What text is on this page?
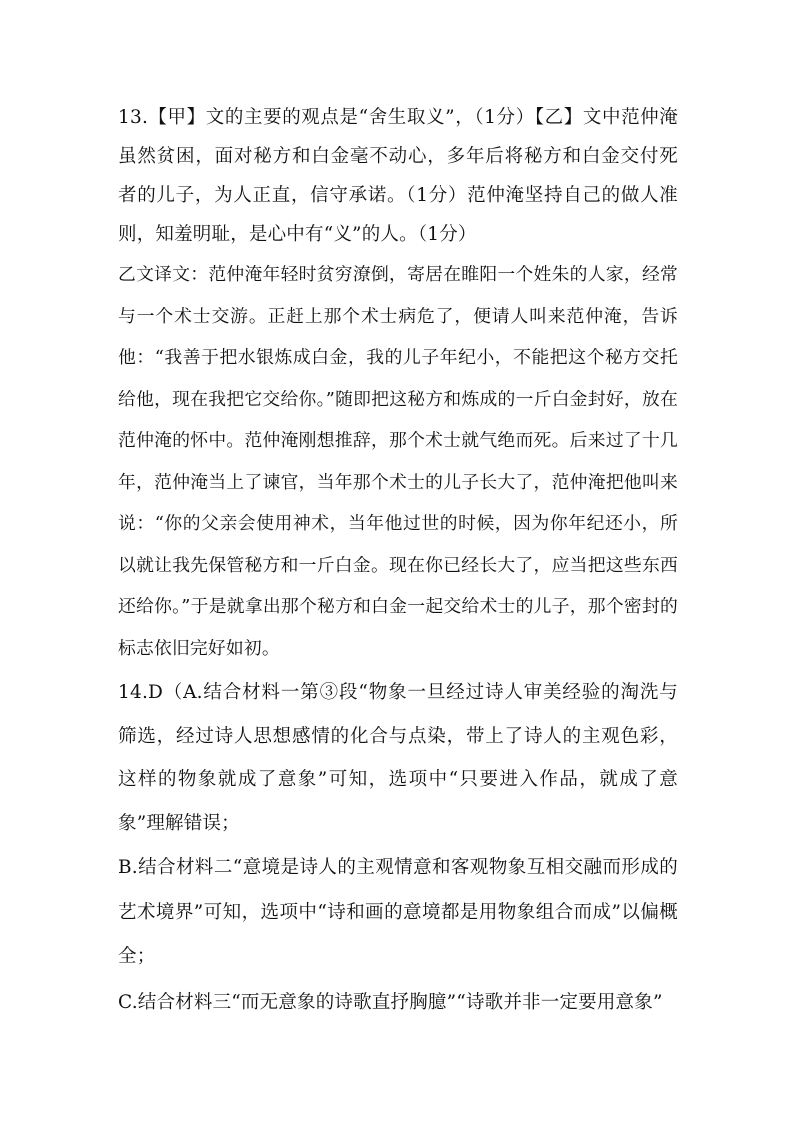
13.【甲】文的主要的观点是“舍生取义”，（1分）【乙】文中范仲淹虽然贫困，面对秘方和白金毫不动心，多年后将秘方和白金交付死者的儿子，为人正直，信守承诺。（1分）范仲淹坚持自己的做人准则，知羞明耻，是心中有“义”的人。（1分）

乙文译文：范仲淹年轻时贫穷潦倒，寄居在睢阳一个姓朱的人家，经常与一个术士交游。正赶上那个术士病危了，便请人叫来范仲淹，告诉他：“我善于把水银炼成白金，我的儿子年纪小，不能把这个秘方交托给他，现在我把它交给你。”随即把这秘方和炼成的一斤白金封好，放在范仲淹的怀中。范仲淹刚想推辞，那个术士就气绝而死。后来过了十几年，范仲淹当上了谏官，当年那个术士的儿子长大了，范仲淹把他叫来说：“你的父亲会使用神术，当年他过世的时候，因为你年纪还小，所以就让我先保管秘方和一斤白金。现在你已经长大了，应当把这些东西还给你。”于是就拿出那个秘方和白金一起交给术士的儿子，那个密封的标志依旧完好如初。

14.D（A.结合材料一第③段“物象一旦经过诗人审美经验的淘洗与筛选，经过诗人思想感情的化合与点染，带上了诗人的主观色彩，这样的物象就成了意象”可知，选项中“只要进入作品，就成了意象”理解错误；

B.结合材料二“意境是诗人的主观情意和客观物象互相交融而形成的艺术境界”可知，选项中“诗和画的意境都是用物象组合而成”以偏概全；

C.结合材料三“而无意象的诗歌直抒胸臆”“诗歌并非一定要用意象”
